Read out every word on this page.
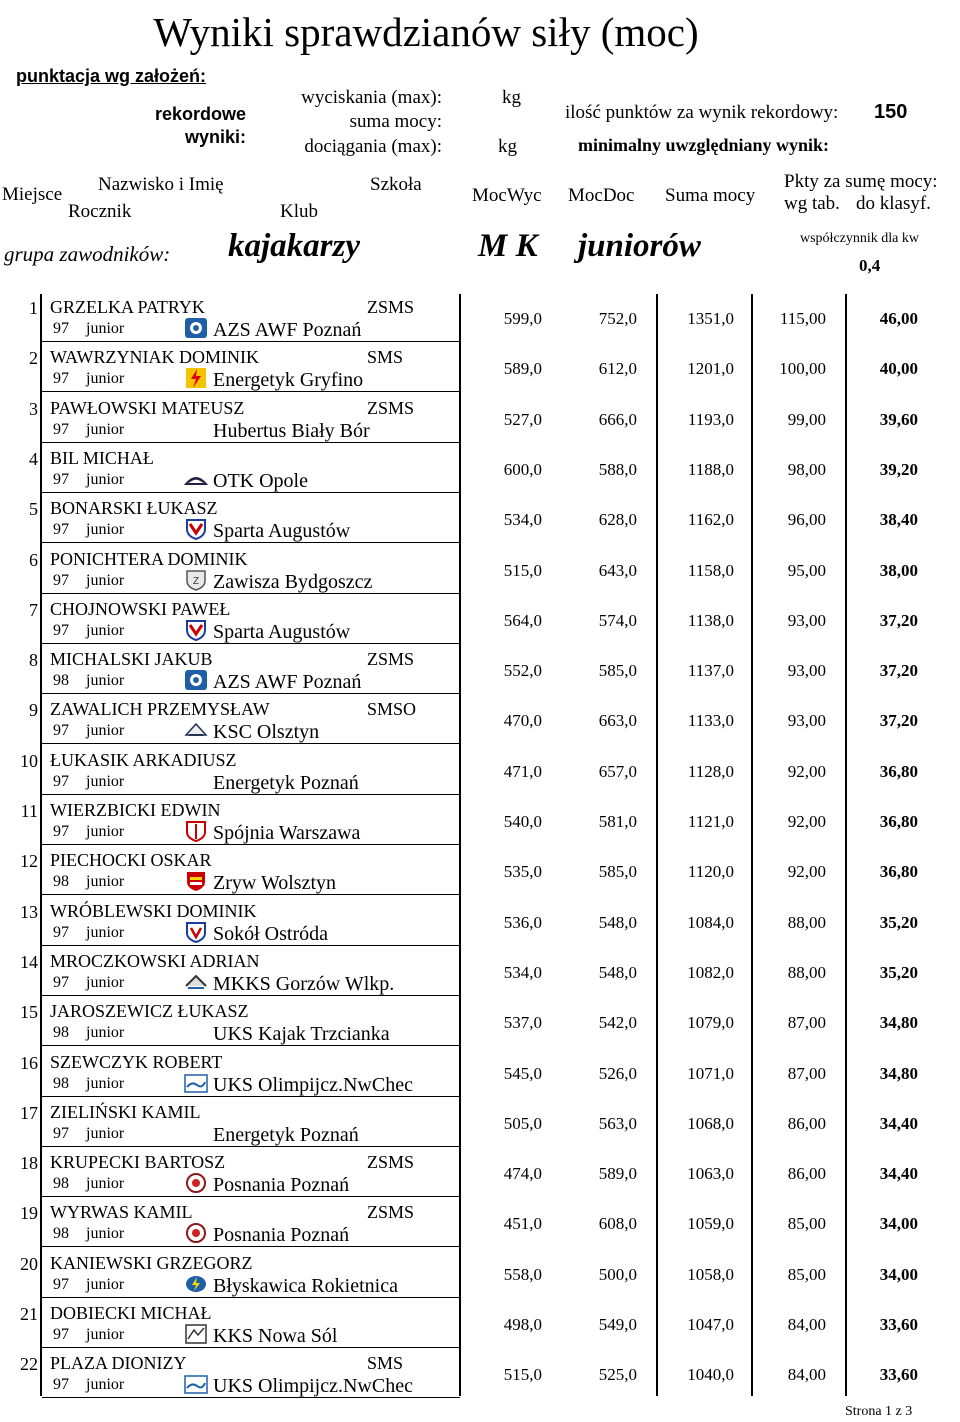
Wyniki sprawdzianów siły (moc)
punktacja wg założeń:
rekordowe
wyniki:
wyciskania (max):
suma mocy:
dociągania (max):
kg
kg
ilość punktów za wynik rekordowy: 150
minimalny uwzględniany wynik:
Miejsce Nazwisko i Imię
Rocznik
Szkoła
Klub
MocWyc MocDoc Suma mocy
Pkty za sumę mocy:
wg tab. do klasyf.
grupa zawodników: kajakarzy	M K juniorów	współczynnik dla kw
0,4
1 GRZELKA PATRYK	ZSMS
97 junior	AZS AWF Poznań
599,0	752,0	1351,0	115,00	46,00
2 WAWRZYNIAK DOMINIK	SMS
97 junior	Energetyk Gryfino
589,0	612,0	1201,0	100,00	40,00
3 PAWŁOWSKI MATEUSZ	ZSMS
97 junior	Hubertus Biały Bór
527,0	666,0	1193,0	99,00	39,60
4 BIL MICHAŁ
97 junior	OTK Opole
600,0	588,0	1188,0	98,00	39,20
5 BONARSKI ŁUKASZ
97 junior	Sparta Augustów
534,0	628,0	1162,0	96,00	38,40
6 PONICHTERA DOMINIK
97 junior	Zawisza Bydgoszcz
515,0	643,0	1158,0	95,00	38,00
Z
7 CHOJNOWSKI PAWEŁ
97 junior	Sparta Augustów
564,0	574,0	1138,0	93,00	37,20
8 MICHALSKI JAKUB	ZSMS
98 junior	AZS AWF Poznań
552,0	585,0	1137,0	93,00	37,20
9 ZAWALICH PRZEMYSŁAW	SMSO
97 junior	KSC Olsztyn
470,0	663,0	1133,0	93,00	37,20
10 ŁUKASIK ARKADIUSZ
97 junior	Energetyk Poznań
471,0	657,0	1128,0	92,00	36,80
11 WIERZBICKI EDWIN
97 junior	Spójnia Warszawa
540,0	581,0	1121,0	92,00	36,80
12 PIECHOCKI OSKAR
98 junior	Zryw Wolsztyn
535,0	585,0	1120,0	92,00	36,80
13 WRÓBLEWSKI DOMINIK
97 junior	Sokół Ostróda
536,0	548,0	1084,0	88,00	35,20
14 MROCZKOWSKI ADRIAN
97 junior	MKKS Gorzów Wlkp.
534,0	548,0	1082,0	88,00	35,20
15 JAROSZEWICZ ŁUKASZ
98 junior	UKS Kajak Trzcianka
537,0	542,0	1079,0	87,00	34,80
16 SZEWCZYK ROBERT
98 junior	UKS Olimpijcz.NwChec
545,0	526,0	1071,0	87,00	34,80
17 ZIELIŃSKI KAMIL
97 junior	Energetyk Poznań
505,0	563,0	1068,0	86,00	34,40
18 KRUPECKI BARTOSZ	ZSMS
98 junior	Posnania Poznań
474,0	589,0	1063,0	86,00	34,40
19 WYRWAS KAMIL	ZSMS
98 junior	Posnania Poznań
451,0	608,0	1059,0	85,00	34,00
20 KANIEWSKI GRZEGORZ
97 junior	Błyskawica Rokietnica
558,0	500,0	1058,0	85,00	34,00
21 DOBIECKI MICHAŁ
97 junior	KKS Nowa Sól
498,0	549,0	1047,0	84,00	33,60
22 PLAZA DIONIZY	SMS
97 junior	UKS Olimpijcz.NwChec
515,0	525,0	1040,0	84,00	33,60
Strona 1 z 3
